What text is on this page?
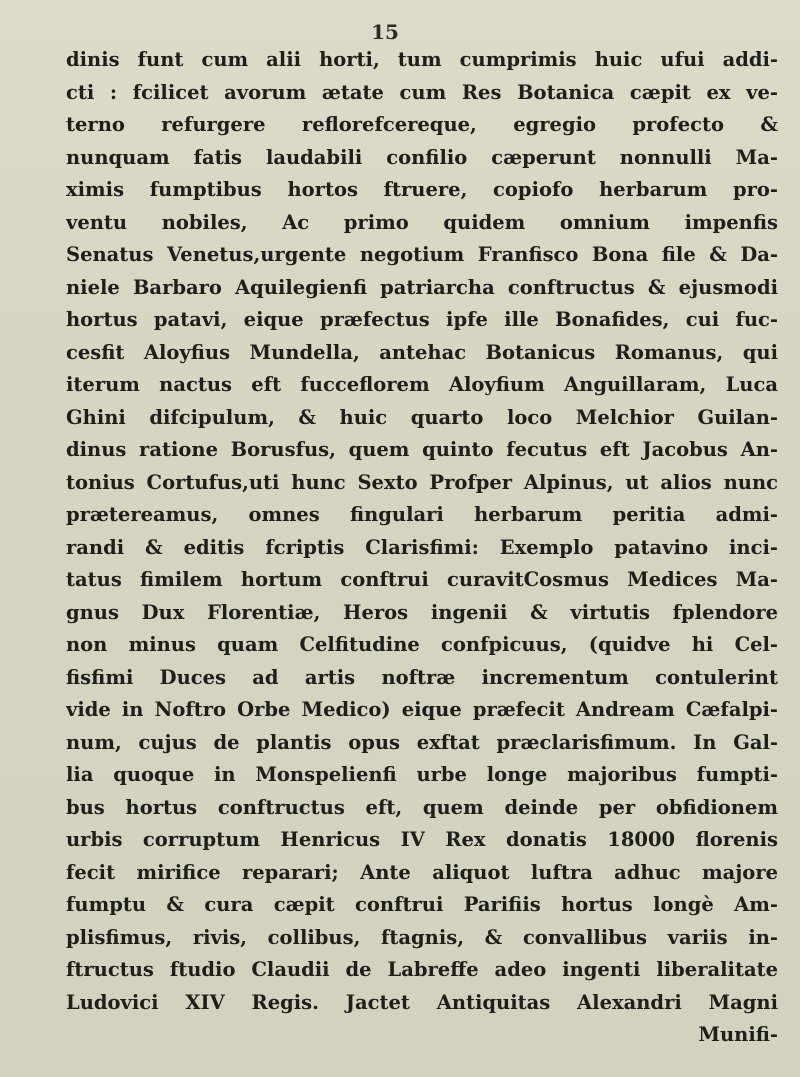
15
dinis funt cum alii horti, tum cumprimis huic ufui addi-
cti : fcilicet avorum ætate cum Res Botanica cæpit ex ve-
terno refurgere reflorefcereque, egregio profecto &
nunquam fatis laudabili confilio cæperunt nonnulli Ma-
ximis fumptibus hortos ftruere, copiofo herbarum pro-
ventu nobiles, Ac primo quidem omnium impenfis
Senatus Venetus,urgente negotium Franfisco Bona file & Da-
niele Barbaro Aquilegienfi patriarcha conftructus & ejusmodi
hortus patavi, eique præfectus ipfe ille Bonafides, cui fuc-
cesfit Aloyfius Mundella, antehac Botanicus Romanus, qui
iterum nactus eft fucceflorem Aloyfium Anguillaram, Luca
Ghini difcipulum, & huic quarto loco Melchior Guilan-
dinus ratione Borusfus, quem quinto fecutus eft Jacobus An-
tonius Cortufus,uti hunc Sexto Profper Alpinus, ut alios nunc
prætereamus, omnes fingulari herbarum peritia admi-
randi & editis fcriptis Clarisfimi: Exemplo patavino inci-
tatus fimilem hortum conftrui curavitCosmus Medices Ma-
gnus Dux Florentiæ, Heros ingenii & virtutis fplendore
non minus quam Celfitudine confpicuus, (quidve hi Cel-
fisfimi Duces ad artis noftræ incrementum contulerint
vide in Noftro Orbe Medico) eique præfecit Andream Cæfalpi-
num, cujus de plantis opus exftat præclarisfimum. In Gal-
lia quoque in Monspelienfi urbe longe majoribus fumpti-
bus hortus conftructus eft, quem deinde per obfidionem
urbis corruptum Henricus IV Rex donatis 18000 florenis
fecit mirifice reparari; Ante aliquot luftra adhuc majore
fumptu & cura cæpit conftrui Parifiis hortus longè Am-
plisfimus, rivis, collibus, ftagnis, & convallibus variis in-
ftructus ftudio Claudii de Labreffe adeo ingenti liberalitate
Ludovici XIV Regis. Jactet Antiquitas Alexandri Magni
Munifi-
